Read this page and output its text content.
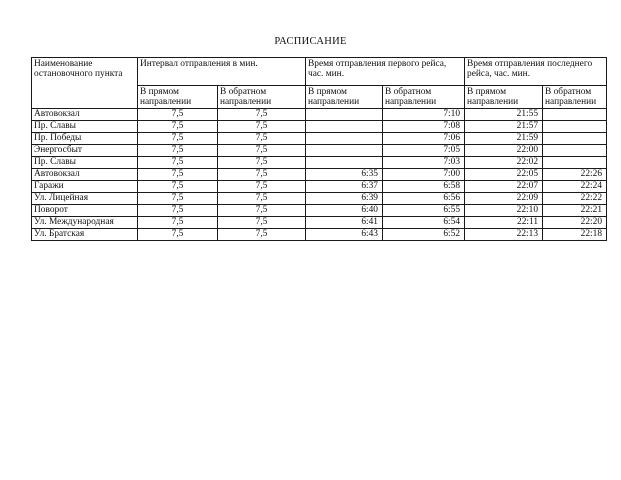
РАСПИСАНИЕ
Наименование остановочного пункта	Интервал отправления в мин.		Время отправления первого рейса, час. мин.		Время отправления последнего рейса, час. мин.	
	В прямом направлении	В обратном направлении	В прямом направлении	В обратном направлении	В прямом направлении	В обратном направлении
Автовокзал	7,5	7,5		7:10	21:55	
Пр. Славы	7,5	7,5		7:08	21:57	
Пр. Победы	7,5	7,5		7:06	21:59	
Энергосбыт	7,5	7,5		7:05	22:00	
Пр. Славы	7,5	7,5		7:03	22:02	
Автовокзал	7,5	7,5	6:35	7:00	22:05	22:26
Гаражи	7,5	7,5	6:37	6:58	22:07	22:24
Ул. Лицейная	7,5	7,5	6:39	6:56	22:09	22:22
Поворот	7,5	7,5	6:40	6:55	22:10	22:21
Ул. Международная	7,5	7,5	6:41	6:54	22:11	22:20
Ул. Братская	7,5	7,5	6:43	6:52	22:13	22:18
